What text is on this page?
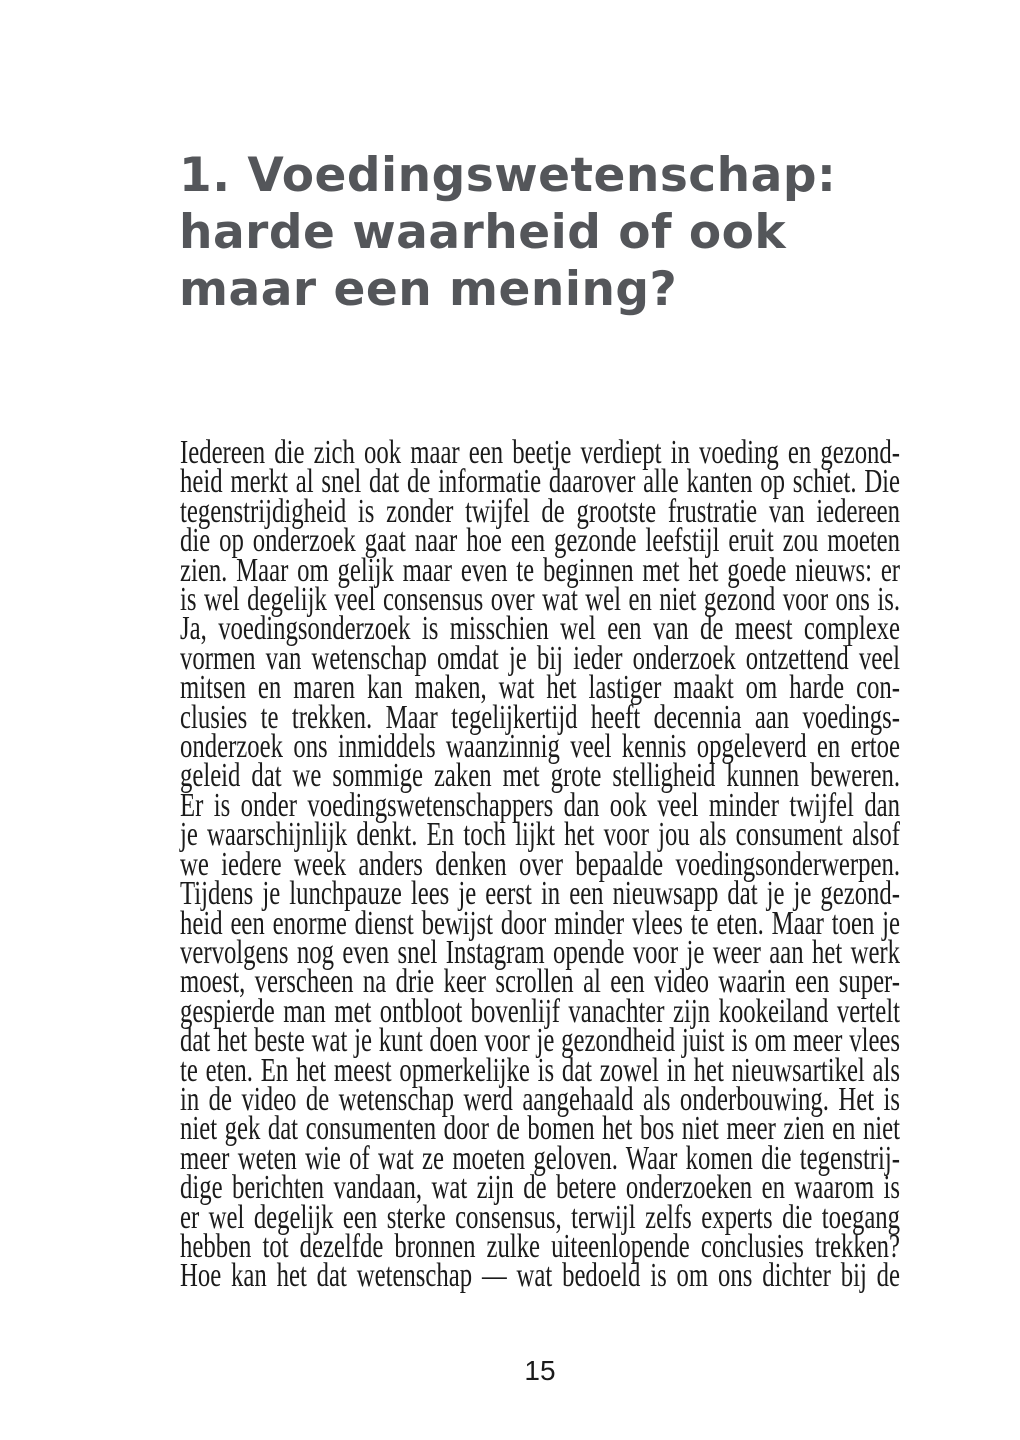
1. Voedingswetenschap:
harde waarheid of ook
maar een mening?
Iedereen die zich ook maar een beetje verdiept in voeding en gezond-
heid merkt al snel dat de informatie daarover alle kanten op schiet. Die
tegenstrijdigheid is zonder twijfel de grootste frustratie van iedereen
die op onderzoek gaat naar hoe een gezonde leefstijl eruit zou moeten
zien. Maar om gelijk maar even te beginnen met het goede nieuws: er
is wel degelijk veel consensus over wat wel en niet gezond voor ons is.
Ja, voedingsonderzoek is misschien wel een van de meest complexe
vormen van wetenschap omdat je bij ieder onderzoek ontzettend veel
mitsen en maren kan maken, wat het lastiger maakt om harde con-
clusies te trekken. Maar tegelijkertijd heeft decennia aan voedings-
onderzoek ons inmiddels waanzinnig veel kennis opgeleverd en ertoe
geleid dat we sommige zaken met grote stelligheid kunnen beweren.
Er is onder voedingswetenschappers dan ook veel minder twijfel dan
je waarschijnlijk denkt. En toch lijkt het voor jou als consument alsof
we iedere week anders denken over bepaalde voedingsonderwerpen.
Tijdens je lunchpauze lees je eerst in een nieuwsapp dat je je gezond-
heid een enorme dienst bewijst door minder vlees te eten. Maar toen je
vervolgens nog even snel Instagram opende voor je weer aan het werk
moest, verscheen na drie keer scrollen al een video waarin een super-
gespierde man met ontbloot bovenlijf vanachter zijn kookeiland vertelt
dat het beste wat je kunt doen voor je gezondheid juist is om meer vlees
te eten. En het meest opmerkelijke is dat zowel in het nieuwsartikel als
in de video de wetenschap werd aangehaald als onderbouwing. Het is
niet gek dat consumenten door de bomen het bos niet meer zien en niet
meer weten wie of wat ze moeten geloven. Waar komen die tegenstrij-
dige berichten vandaan, wat zijn de betere onderzoeken en waarom is
er wel degelijk een sterke consensus, terwijl zelfs experts die toegang
hebben tot dezelfde bronnen zulke uiteenlopende conclusies trekken?
Hoe kan het dat wetenschap — wat bedoeld is om ons dichter bij de
15
